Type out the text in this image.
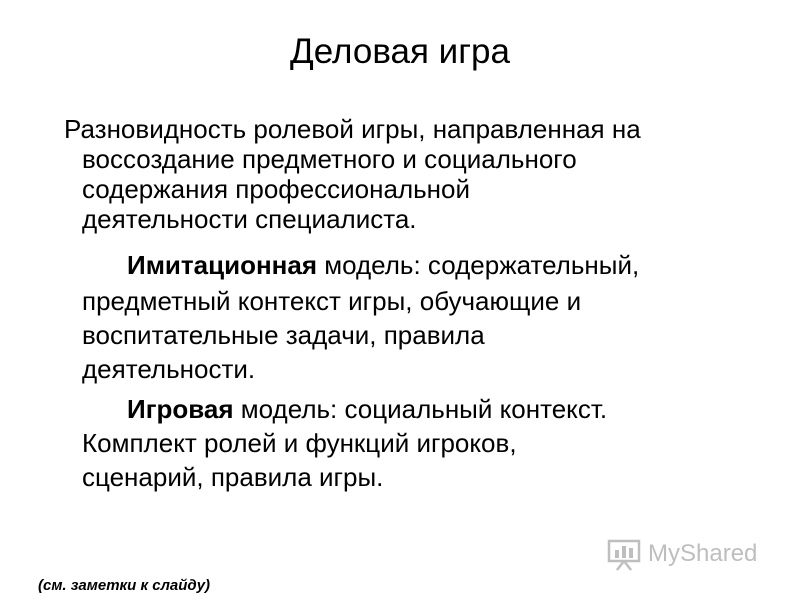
Деловая игра
Разновидность ролевой игры, направленная на
воссоздание предметного и социального
содержания профессиональной
деятельности специалиста.
Имитационная модель: содержательный,
предметный контекст игры, обучающие и
воспитательные задачи, правила
деятельности.
Игровая модель: социальный контекст.
Комплект ролей и функций игроков,
сценарий, правила игры.
(см. заметки к слайду)
MyShared
